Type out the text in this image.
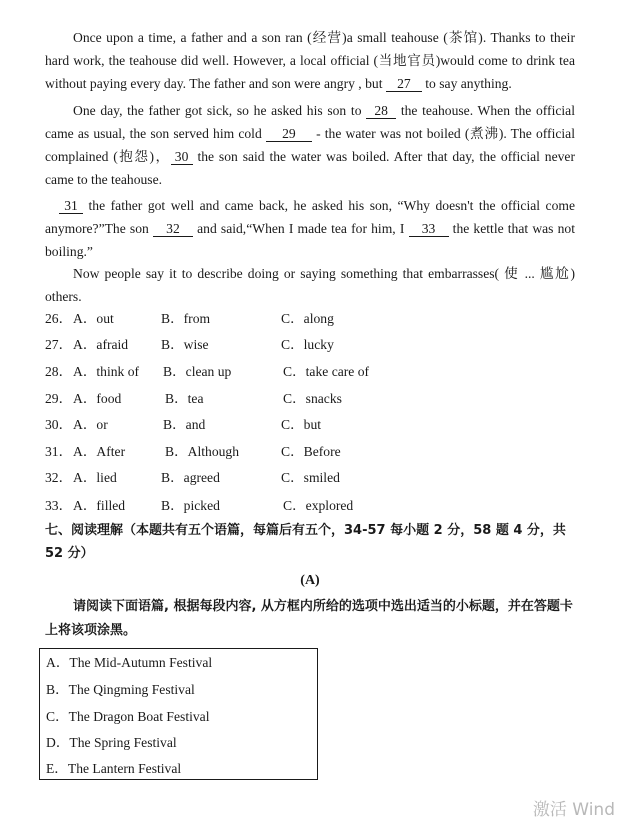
Once upon a time, a father and a son ran (经营)a small teahouse (茶馆). Thanks to their hard work, the teahouse did well. However, a local official (当地官员)would come to drink tea without paying every day. The father and son were angry , but 27 to say anything.

One day, the father got sick, so he asked his son to 28 the teahouse. When the official came as usual, the son served him cold 29 - the water was not boiled (煮沸). The official complained (抱怨)， 30 the son said the water was boiled. After that day, the official never came to the teahouse.

31 the father got well and came back, he asked his son, “Why doesn't the official come anymore?”The son 32 and said,“When I made tea for him, I 33 the kettle that was not boiling.”

Now people say it to describe doing or saying something that embarrasses( 使 ... 尴尬) others.

26． A．out	B．from	C．along
27． A．afraid B．wise	C．lucky
28． A．think of B．clean up	C．take care of
29． A．food	B．tea	C．snacks
30． A．or	B．and	C．but
31． A．After	B．Although	C．Before
32． A．lied	B．agreed	C．smiled
33． A．filled	B．picked	C．explored
七、阅读理解（本题共有五个语篇，每篇后有五个，34-57 每小题 2 分，58 题 4 分，共 52 分）
(A)
请阅读下面语篇, 根据每段内容, 从方框内所给的选项中选出适当的小标题，并在答题卡上将该项涂黑。
A．The Mid-Autumn Festival
B．The Qingming Festival
C．The Dragon Boat Festival
D．The Spring Festival
E．The Lantern Festival
激活 Wind
